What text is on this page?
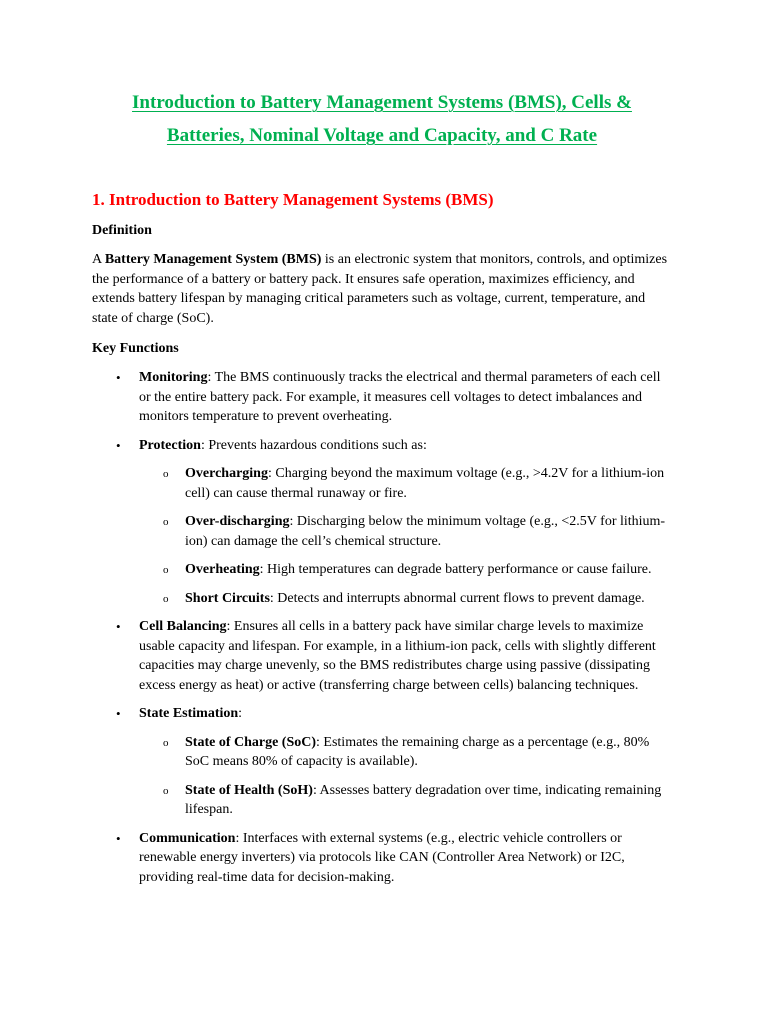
Introduction to Battery Management Systems (BMS), Cells & Batteries, Nominal Voltage and Capacity, and C Rate
1. Introduction to Battery Management Systems (BMS)
Definition

A Battery Management System (BMS) is an electronic system that monitors, controls, and optimizes the performance of a battery or battery pack. It ensures safe operation, maximizes efficiency, and extends battery lifespan by managing critical parameters such as voltage, current, temperature, and state of charge (SoC).

Key Functions
• Monitoring: The BMS continuously tracks the electrical and thermal parameters of each cell or the entire battery pack. For example, it measures cell voltages to detect imbalances and monitors temperature to prevent overheating.
• Protection: Prevents hazardous conditions such as:
o Overcharging: Charging beyond the maximum voltage (e.g., >4.2V for a lithium-ion cell) can cause thermal runaway or fire.
o Over-discharging: Discharging below the minimum voltage (e.g., <2.5V for lithium-ion) can damage the cell’s chemical structure.
o Overheating: High temperatures can degrade battery performance or cause failure.
o Short Circuits: Detects and interrupts abnormal current flows to prevent damage.
• Cell Balancing: Ensures all cells in a battery pack have similar charge levels to maximize usable capacity and lifespan. For example, in a lithium-ion pack, cells with slightly different capacities may charge unevenly, so the BMS redistributes charge using passive (dissipating excess energy as heat) or active (transferring charge between cells) balancing techniques.
• State Estimation:
o State of Charge (SoC): Estimates the remaining charge as a percentage (e.g., 80% SoC means 80% of capacity is available).
o State of Health (SoH): Assesses battery degradation over time, indicating remaining lifespan.
• Communication: Interfaces with external systems (e.g., electric vehicle controllers or renewable energy inverters) via protocols like CAN (Controller Area Network) or I2C, providing real-time data for decision-making.
